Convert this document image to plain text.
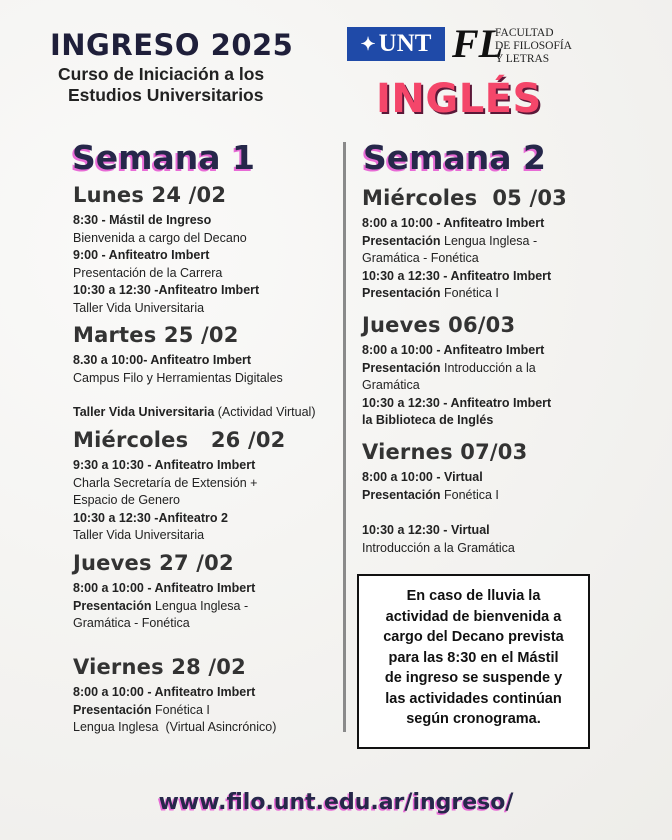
INGRESO 2025
Curso de Iniciación a los
Estudios Universitarios
✦ UNT FL
FACULTAD
DE FILOSOFÍA
Y LETRAS
INGLÉS
Semana 1
Lunes 24 /02
8:30 - Mástil de Ingreso
Bienvenida a cargo del Decano
9:00 - Anfiteatro Imbert
Presentación de la Carrera
10:30 a 12:30 -Anfiteatro Imbert
Taller Vida Universitaria
Martes 25 /02
8.30 a 10:00- Anfiteatro Imbert
Campus Filo y Herramientas Digitales
Taller Vida Universitaria (Actividad Virtual)
Miércoles   26 /02
9:30 a 10:30 - Anfiteatro Imbert
Charla Secretaría de Extensión +
Espacio de Genero
10:30 a 12:30 -Anfiteatro 2
Taller Vida Universitaria
Jueves 27 /02
8:00 a 10:00 - Anfiteatro Imbert
Presentación Lengua Inglesa -
Gramática - Fonética
Viernes 28 /02
8:00 a 10:00 - Anfiteatro Imbert
Presentación Fonética I
Lengua Inglesa  (Virtual Asincrónico)
Semana 2
Miércoles  05 /03
8:00 a 10:00 - Anfiteatro Imbert
Presentación Lengua Inglesa -
Gramática - Fonética
10:30 a 12:30 - Anfiteatro Imbert
Presentación Fonética I
Jueves 06/03
8:00 a 10:00 - Anfiteatro Imbert
Presentación Introducción a la
Gramática
10:30 a 12:30 - Anfiteatro Imbert
la Biblioteca de Inglés
Viernes 07/03
8:00 a 10:00 - Virtual
Presentación Fonética I
10:30 a 12:30 - Virtual
Introducción a la Gramática
En caso de lluvia la
actividad de bienvenida a
cargo del Decano prevista
para las 8:30 en el Mástil
de ingreso se suspende y
las actividades continúan
según cronograma.
www.filo.unt.edu.ar/ingreso/
